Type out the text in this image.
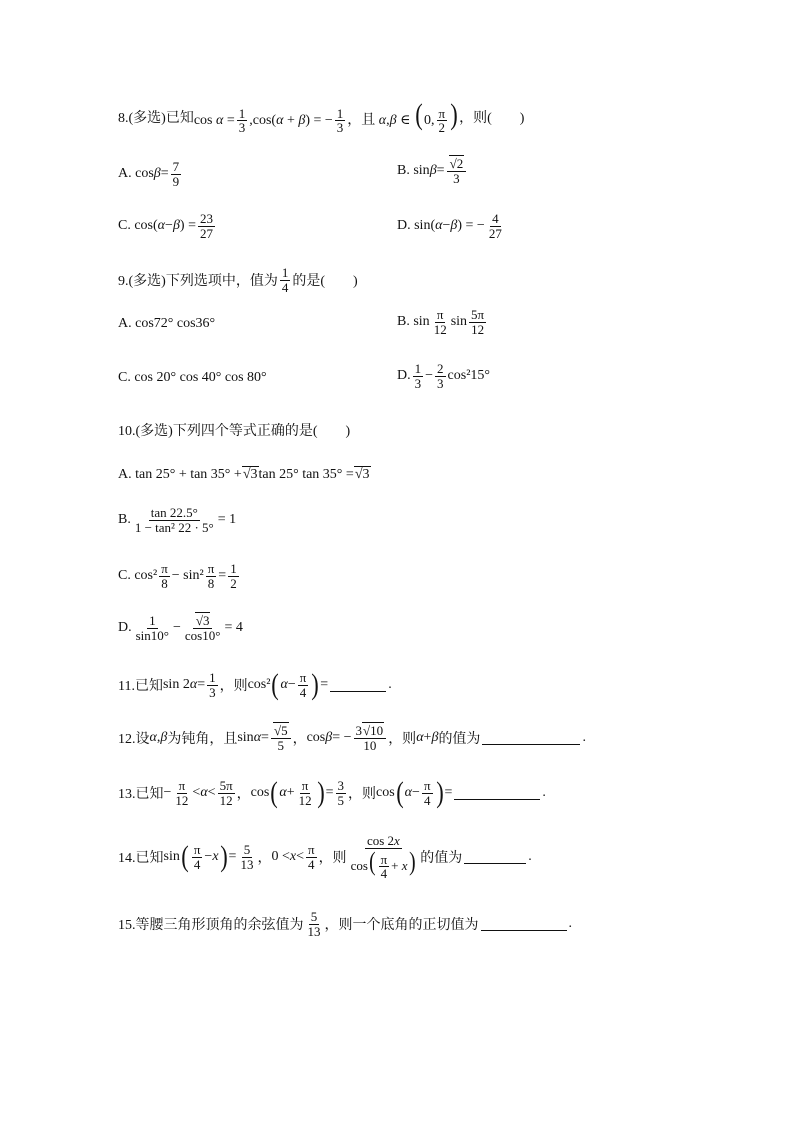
8.(多选)已知 $\cos \alpha = \frac{1}{3} ,\cos(\alpha + \beta)$ = − $\frac{1}{3}$ ，且 α,β ∈ (0, $\frac{\pi}{2}$ ) ，则(　　)
A. $\cos \beta = \frac{7}{9}$	B. $\sin \beta = \frac{√2}{3}$
C. cos( α − β ) = $\frac{23}{27}$	D. sin( α − β ) = − $\frac{4}{27}$
9.(多选)下列选项中，值为 $\frac{1}{4}$ 的是(　　)
A. cos72° cos36°	B. $\sin \frac{\pi}{12}$ $\sin \frac{5\pi}{12}$
C. cos 20° cos 40° cos 80°	D. $\frac{1}{3} - \frac{2}{3} \cos^215^\circ$
10.(多选)下列四个等式正确的是(　　)
A. tan 25° + tan 35° + √3 tan 25° tan 35° = √3
B. $\frac{\tan 22.5^\circ}{\text{1 − tan² 22 · 5°}} = 1$
C. $\cos^2 \frac{\pi}{8} - \sin^2 \frac{\pi}{8} = \frac{1}{2}$
D. $\frac{1}{\sin 10^\circ} - \frac{√3}{\cos 10^\circ} = 4$
11.已知 sin 2 $\alpha = \frac{1}{3}$ ，则 cos² ( $\alpha - \frac{\pi}{4}$ ) =	.
12.设 α , β 为钝角，且 $\sin \alpha = \frac{√5}{5}$ ， cos β = − $\frac{3√10}{10}$ ，则 α + β 的值为	.
13.已知 − $\frac{\pi}{12} < \alpha < \frac{5\pi}{12}$ ， cos ( $\alpha + \frac{\pi}{12}$ ) = $\frac{3}{5}$ ，则 cos ( $\alpha - \frac{\pi}{4}$ ) =	.
14.已知 sin ( $\frac{\pi}{4} - x$ ) = $\frac{5}{13}$ ， $0 < x < \frac{\pi}{4}$ ，则 $\frac{\cos 2x}{\cos( \frac{\pi}{4} + x)}$ 的值为	.
15.等腰三角形顶角的余弦值为 $\frac{5}{13}$ ，则一个底角的正切值为	.
